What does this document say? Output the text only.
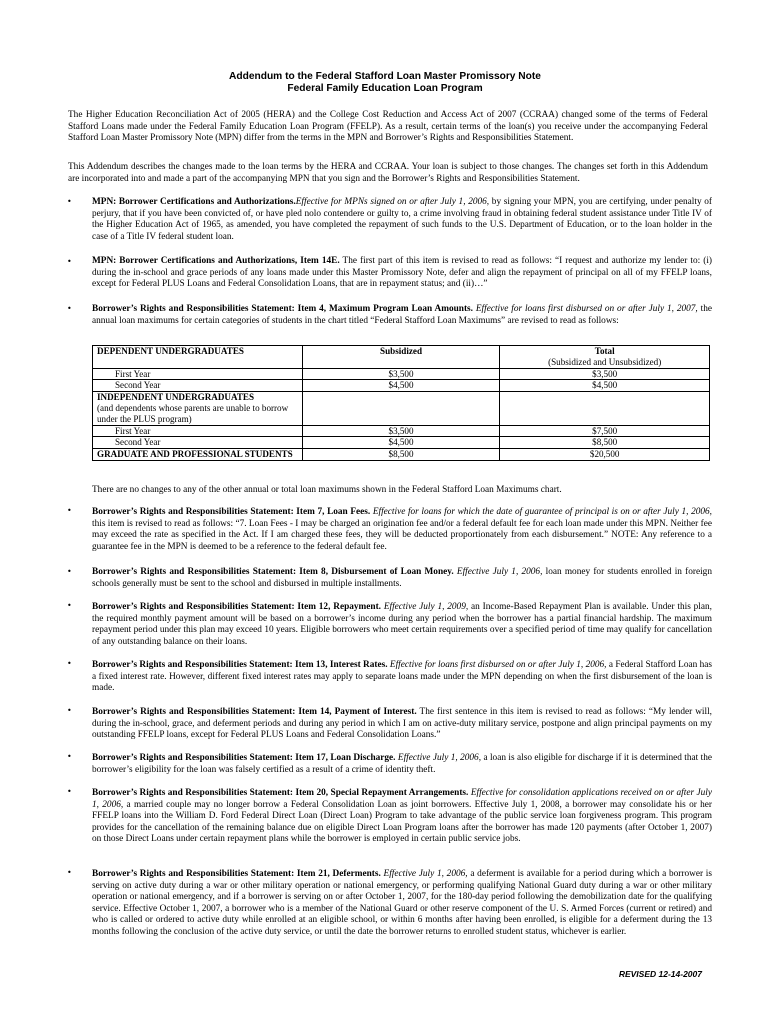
Addendum to the Federal Stafford Loan Master Promissory Note
Federal Family Education Loan Program
The Higher Education Reconciliation Act of 2005 (HERA) and the College Cost Reduction and Access Act of 2007 (CCRAA) changed some of the terms of Federal Stafford Loans made under the Federal Family Education Loan Program (FFELP). As a result, certain terms of the loan(s) you receive under the accompanying Federal Stafford Loan Master Promissory Note (MPN) differ from the terms in the MPN and Borrower’s Rights and Responsibilities Statement.
This Addendum describes the changes made to the loan terms by the HERA and CCRAA. Your loan is subject to those changes. The changes set forth in this Addendum are incorporated into and made a part of the accompanying MPN that you sign and the Borrower’s Rights and Responsibilities Statement.
• MPN: Borrower Certifications and Authorizations.Effective for MPNs signed on or after July 1, 2006, by signing your MPN, you are certifying, under penalty of perjury, that if you have been convicted of, or have pled nolo contendere or guilty to, a crime involving fraud in obtaining federal student assistance under Title IV of the Higher Education Act of 1965, as amended, you have completed the repayment of such funds to the U.S. Department of Education, or to the loan holder in the case of a Title IV federal student loan.
• MPN: Borrower Certifications and Authorizations, Item 14E. The first part of this item is revised to read as follows: “I request and authorize my lender to: (i) during the in-school and grace periods of any loans made under this Master Promissory Note, defer and align the repayment of principal on all of my FFELP loans, except for Federal PLUS Loans and Federal Consolidation Loans, that are in repayment status; and (ii)…”
• Borrower’s Rights and Responsibilities Statement: Item 4, Maximum Program Loan Amounts. Effective for loans first disbursed on or after July 1, 2007, the annual loan maximums for certain categories of students in the chart titled “Federal Stafford Loan Maximums” are revised to read as follows:
DEPENDENT UNDERGRADUATES	Subsidized	Total
(Subsidized and Unsubsidized)

First Year	$3,500	$3,500

Second Year	$4,500	$4,500
INDEPENDENT UNDERGRADUATES
(and dependents whose parents are unable to borrow under the PLUS program)		

First Year	$3,500	$7,500

Second Year	$4,500	$8,500
GRADUATE AND PROFESSIONAL STUDENTS	$8,500	$20,500
There are no changes to any of the other annual or total loan maximums shown in the Federal Stafford Loan Maximums chart.
• Borrower’s Rights and Responsibilities Statement: Item 7, Loan Fees. Effective for loans for which the date of guarantee of principal is on or after July 1, 2006, this item is revised to read as follows: “7. Loan Fees - I may be charged an origination fee and/or a federal default fee for each loan made under this MPN. Neither fee may exceed the rate as specified in the Act. If I am charged these fees, they will be deducted proportionately from each disbursement.” NOTE: Any reference to a guarantee fee in the MPN is deemed to be a reference to the federal default fee.
• Borrower’s Rights and Responsibilities Statement: Item 8, Disbursement of Loan Money. Effective July 1, 2006, loan money for students enrolled in foreign schools generally must be sent to the school and disbursed in multiple installments.
• Borrower’s Rights and Responsibilities Statement: Item 12, Repayment. Effective July 1, 2009, an Income-Based Repayment Plan is available. Under this plan, the required monthly payment amount will be based on a borrower’s income during any period when the borrower has a partial financial hardship. The maximum repayment period under this plan may exceed 10 years. Eligible borrowers who meet certain requirements over a specified period of time may qualify for cancellation of any outstanding balance on their loans.
• Borrower’s Rights and Responsibilities Statement: Item 13, Interest Rates. Effective for loans first disbursed on or after July 1, 2006, a Federal Stafford Loan has a fixed interest rate. However, different fixed interest rates may apply to separate loans made under the MPN depending on when the first disbursement of the loan is made.
• Borrower’s Rights and Responsibilities Statement: Item 14, Payment of Interest. The first sentence in this item is revised to read as follows: “My lender will, during the in-school, grace, and deferment periods and during any period in which I am on active-duty military service, postpone and align principal payments on my outstanding FFELP loans, except for Federal PLUS Loans and Federal Consolidation Loans.”
• Borrower’s Rights and Responsibilities Statement: Item 17, Loan Discharge. Effective July 1, 2006, a loan is also eligible for discharge if it is determined that the borrower’s eligibility for the loan was falsely certified as a result of a crime of identity theft.
• Borrower’s Rights and Responsibilities Statement: Item 20, Special Repayment Arrangements. Effective for consolidation applications received on or after July 1, 2006, a married couple may no longer borrow a Federal Consolidation Loan as joint borrowers. Effective July 1, 2008, a borrower may consolidate his or her FFELP loans into the William D. Ford Federal Direct Loan (Direct Loan) Program to take advantage of the public service loan forgiveness program. This program provides for the cancellation of the remaining balance due on eligible Direct Loan Program loans after the borrower has made 120 payments (after October 1, 2007) on those Direct Loans under certain repayment plans while the borrower is employed in certain public service jobs.
• Borrower’s Rights and Responsibilities Statement: Item 21, Deferments. Effective July 1, 2006, a deferment is available for a period during which a borrower is serving on active duty during a war or other military operation or national emergency, or performing qualifying National Guard duty during a war or other military operation or national emergency, and if a borrower is serving on or after October 1, 2007, for the 180-day period following the demobilization date for the qualifying service. Effective October 1, 2007, a borrower who is a member of the National Guard or other reserve component of the U. S. Armed Forces (current or retired) and who is called or ordered to active duty while enrolled at an eligible school, or within 6 months after having been enrolled, is eligible for a deferment during the 13 months following the conclusion of the active duty service, or until the date the borrower returns to enrolled student status, whichever is earlier.
REVISED 12-14-2007
